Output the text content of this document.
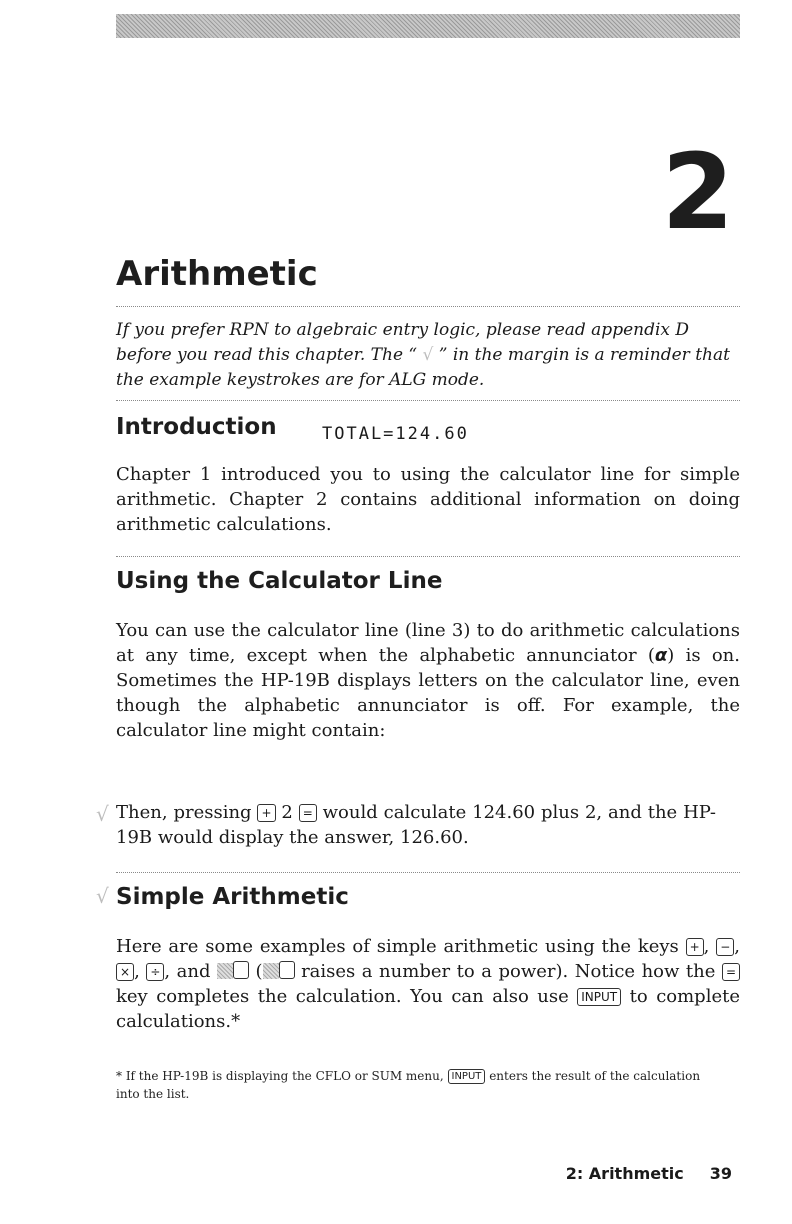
2
Arithmetic

If you prefer RPN to algebraic entry logic, please read appendix D before you read this chapter. The “ √ ” in the margin is a reminder that the example keystrokes are for ALG mode.

Introduction

Chapter 1 introduced you to using the calculator line for simple arithmetic. Chapter 2 contains additional information on doing arithmetic calculations.

Using the Calculator Line

You can use the calculator line (line 3) to do arithmetic calculations at any time, except when the alphabetic annunciator (α) is on. Sometimes the HP-19B displays letters on the calculator line, even though the alphabetic annunciator is off. For example, the calculator line might contain:

TOTAL=124.60
√ Then, pressing + 2 = would calculate 124.60 plus 2, and the HP-19B would display the answer, 126.60.

√ Simple Arithmetic

Here are some examples of simple arithmetic using the keys + , − , × , ÷ , and  ( raises a number to a power). Notice how the = key completes the calculation. You can also use INPUT to complete calculations.*

* If the HP-19B is displaying the CFLO or SUM menu, INPUT enters the result of the calculation into the list.

2: Arithmetic 39
